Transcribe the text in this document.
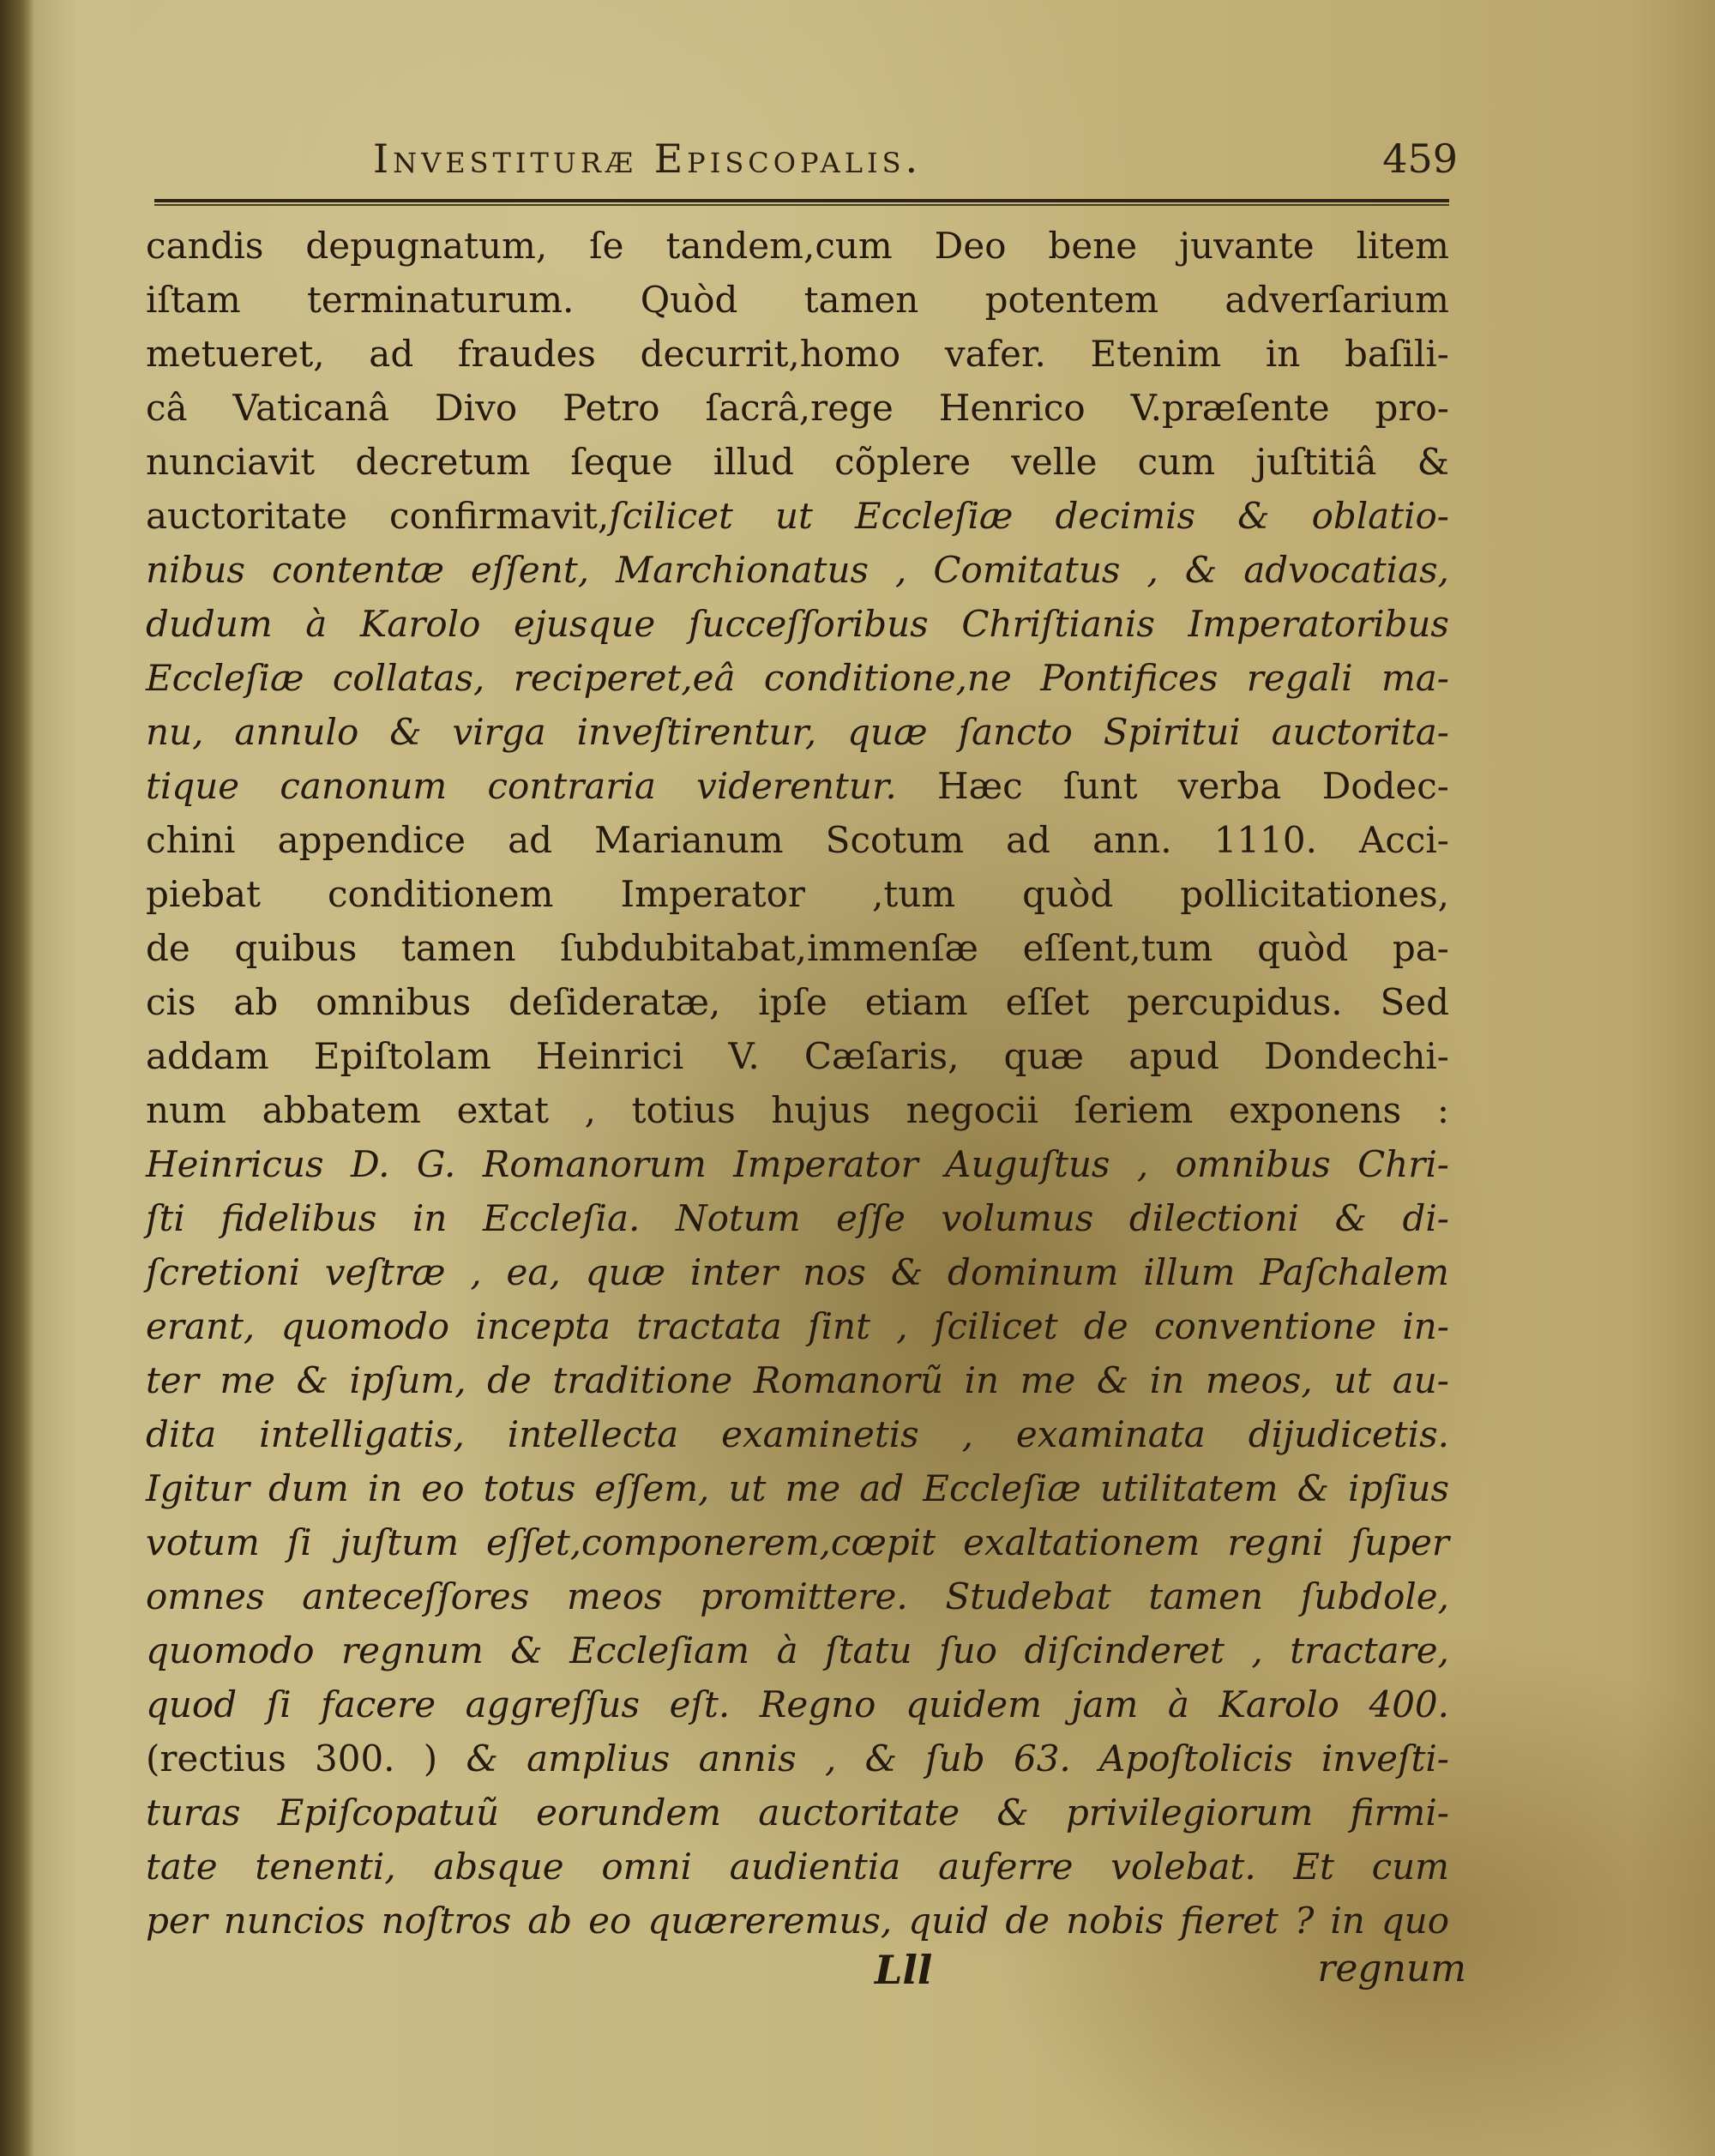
Investiturӕ Episcopalis.	459
candis depugnatum, ſe tandem,cum Deo bene juvante litem
iſtam terminaturum. Quòd tamen potentem adverſarium
metueret, ad fraudes decurrit,homo vafer. Etenim in baſili-
câ Vaticanâ Divo Petro ſacrâ,rege Henrico V.præſente pro-
nunciavit decretum ſeque illud cõplere velle cum juſtitiâ &
auctoritate confirmavit,ſcilicet ut Eccleſiæ decimis & oblatio-
nibus contentæ eſſent, Marchionatus , Comitatus , & advocatias,
dudum à Karolo ejusque ſucceſſoribus Chriſtianis Imperatoribus
Eccleſiæ collatas, reciperet,eâ conditione,ne Pontifices regali ma-
nu, annulo & virga inveſtirentur, quæ ſancto Spiritui auctorita-
tique canonum contraria viderentur. Hæc ſunt verba Dodec-
chini appendice ad Marianum Scotum ad ann. 1110. Acci-
piebat conditionem Imperator ,tum quòd pollicitationes,
de quibus tamen ſubdubitabat,immenſæ eſſent,tum quòd pa-
cis ab omnibus deſideratæ, ipſe etiam eſſet percupidus. Sed
addam Epiſtolam Heinrici V. Cæſaris, quæ apud Dondechi-
num abbatem extat , totius hujus negocii ſeriem exponens :
Heinricus D. G. Romanorum Imperator Auguſtus , omnibus Chri-
ſti fidelibus in Eccleſia. Notum eſſe volumus dilectioni & di-
ſcretioni veſtræ , ea, quæ inter nos & dominum illum Paſchalem
erant, quomodo incepta tractata ſint , ſcilicet de conventione in-
ter me & ipſum, de traditione Romanorũ in me & in meos, ut au-
dita intelligatis, intellecta examinetis , examinata dijudicetis.
Igitur dum in eo totus eſſem, ut me ad Eccleſiæ utilitatem & ipſius
votum ſi juſtum eſſet,componerem,cœpit exaltationem regni ſuper
omnes anteceſſores meos promittere. Studebat tamen ſubdole,
quomodo regnum & Eccleſiam à ſtatu ſuo diſcinderet , tractare,
quod ſi facere aggreſſus eſt. Regno quidem jam à Karolo 400.
(rectius 300. ) & amplius annis , & ſub 63. Apoſtolicis inveſti-
turas Epiſcopatuũ eorundem auctoritate & privilegiorum firmi-
tate tenenti, absque omni audientia auferre volebat. Et cum
per nuncios noſtros ab eo quæreremus, quid de nobis fieret ? in quo
Lll	regnum
